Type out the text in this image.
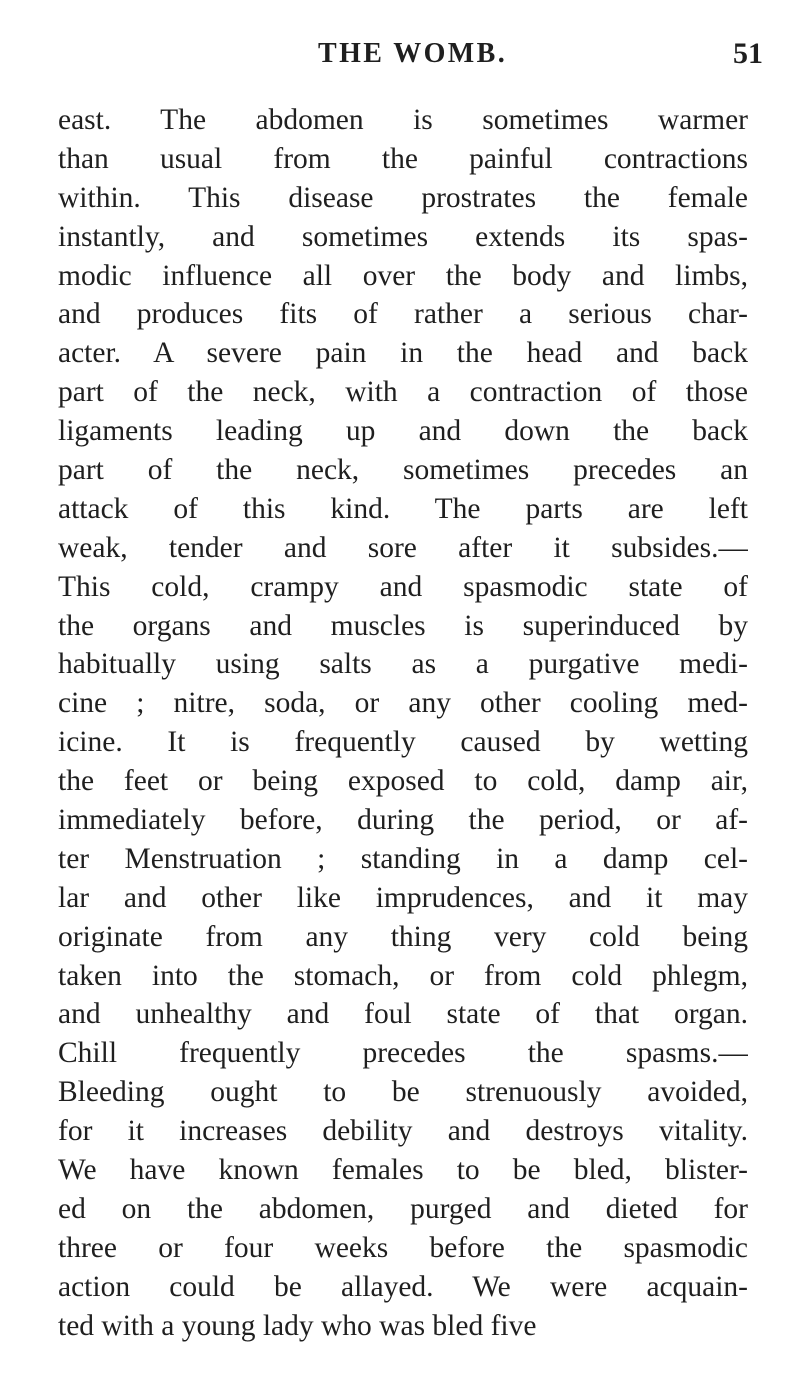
THE WOMB.	51
east. The abdomen is sometimes warmer
than usual from the painful contractions
within. This disease prostrates the female
instantly, and sometimes extends its spas-
modic influence all over the body and limbs,
and produces fits of rather a serious char-
acter. A severe pain in the head and back
part of the neck, with a contraction of those
ligaments leading up and down the back
part of the neck, sometimes precedes an
attack of this kind. The parts are left
weak, tender and sore after it subsides.—
This cold, crampy and spasmodic state of
the organs and muscles is superinduced by
habitually using salts as a purgative medi-
cine ; nitre, soda, or any other cooling med-
icine. It is frequently caused by wetting
the feet or being exposed to cold, damp air,
immediately before, during the period, or af-
ter Menstruation ; standing in a damp cel-
lar and other like imprudences, and it may
originate from any thing very cold being
taken into the stomach, or from cold phlegm,
and unhealthy and foul state of that organ.
Chill frequently precedes the spasms.—
Bleeding ought to be strenuously avoided,
for it increases debility and destroys vitality.
We have known females to be bled, blister-
ed on the abdomen, purged and dieted for
three or four weeks before the spasmodic
action could be allayed. We were acquain-
ted with a young lady who was bled five
